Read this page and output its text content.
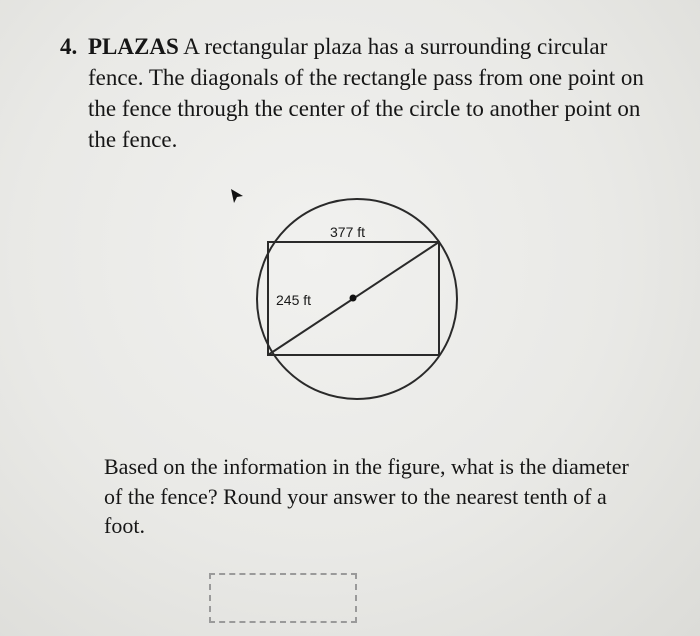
4. PLAZAS A rectangular plaza has a surrounding circular fence. The diagonals of the rectangle pass from one point on the fence through the center of the circle to another point on the fence.
377 ft
245 ft
Based on the information in the figure, what is the diameter of the fence? Round your answer to the nearest tenth of a foot.
